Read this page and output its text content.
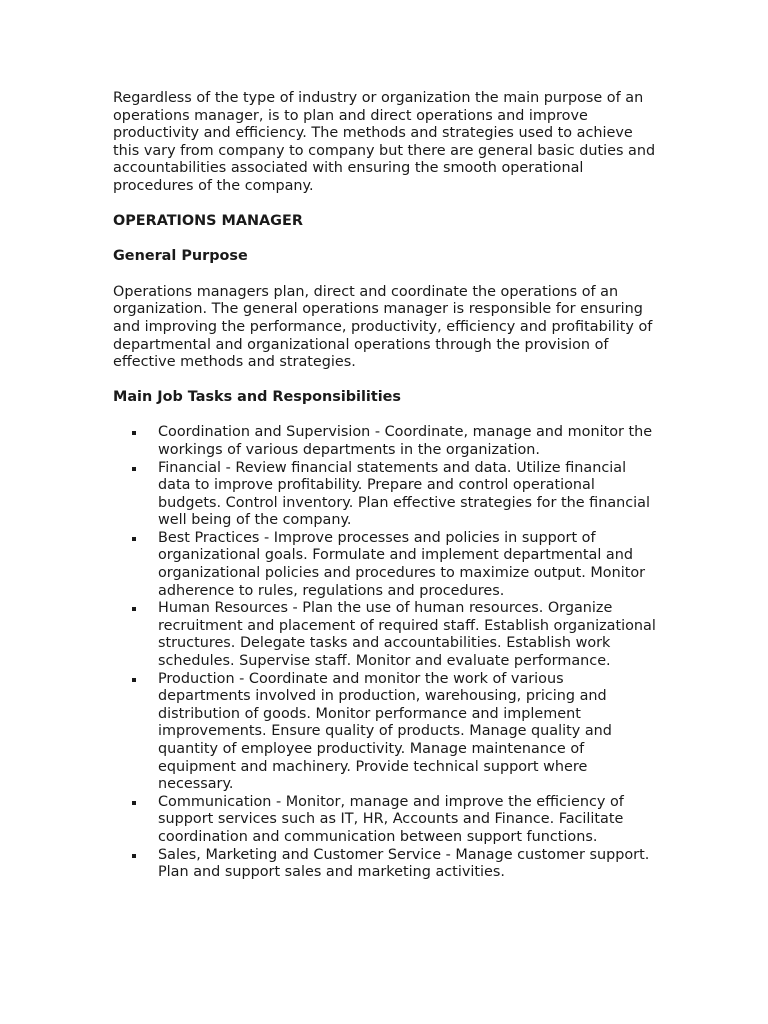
Regardless of the type of industry or organization the main purpose of an operations manager, is to plan and direct operations and improve productivity and efficiency. The methods and strategies used to achieve this vary from company to company but there are general basic duties and accountabilities associated with ensuring the smooth operational procedures of the company.

OPERATIONS MANAGER

General Purpose

Operations managers plan, direct and coordinate the operations of an organization. The general operations manager is responsible for ensuring and improving the performance, productivity, efficiency and profitability of departmental and organizational operations through the provision of effective methods and strategies.

Main Job Tasks and Responsibilities

Coordination and Supervision - Coordinate, manage and monitor the workings of various departments in the organization.
Financial - Review financial statements and data. Utilize financial data to improve profitability. Prepare and control operational budgets. Control inventory. Plan effective strategies for the financial well being of the company.
Best Practices - Improve processes and policies in support of organizational goals. Formulate and implement departmental and organizational policies and procedures to maximize output. Monitor adherence to rules, regulations and procedures.
Human Resources - Plan the use of human resources. Organize recruitment and placement of required staff. Establish organizational structures. Delegate tasks and accountabilities. Establish work schedules. Supervise staff. Monitor and evaluate performance.
Production - Coordinate and monitor the work of various departments involved in production, warehousing, pricing and distribution of goods. Monitor performance and implement improvements. Ensure quality of products. Manage quality and quantity of employee productivity. Manage maintenance of equipment and machinery. Provide technical support where necessary.
Communication - Monitor, manage and improve the efficiency of support services such as IT, HR, Accounts and Finance. Facilitate coordination and communication between support functions.
Sales, Marketing and Customer Service - Manage customer support. Plan and support sales and marketing activities.
